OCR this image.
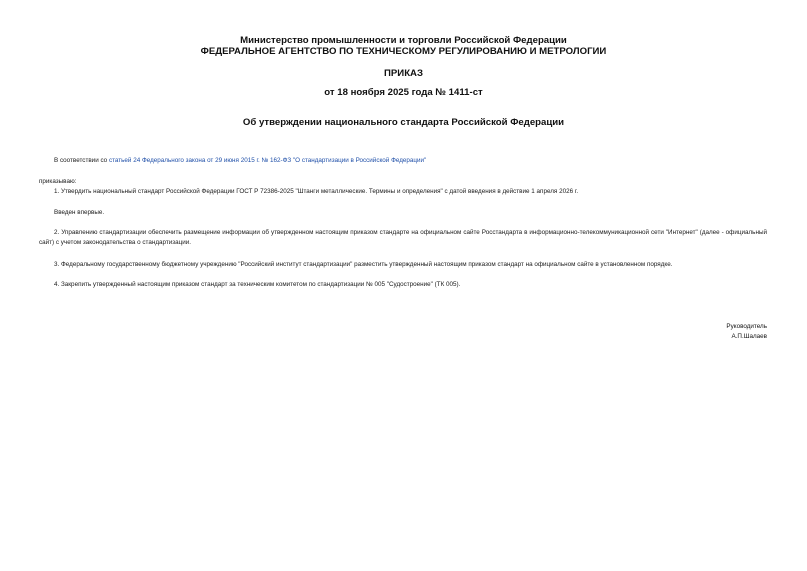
Министерство промышленности и торговли Российской Федерации
ФЕДЕРАЛЬНОЕ АГЕНТСТВО ПО ТЕХНИЧЕСКОМУ РЕГУЛИРОВАНИЮ И МЕТРОЛОГИИ
ПРИКАЗ
от 18 ноября 2025 года № 1411-ст
Об утверждении национального стандарта Российской Федерации
В соответствии со статьей 24 Федерального закона от 29 июня 2015 г. № 162-ФЗ "О стандартизации в Российской Федерации"
приказываю:
1. Утвердить национальный стандарт Российской Федерации ГОСТ Р 72386-2025 "Штанги металлические. Термины и определения" с датой введения в действие 1 апреля 2026 г.
Введен впервые.
2. Управлению стандартизации обеспечить размещение информации об утвержденном настоящим приказом стандарте на официальном сайте Росстандарта в информационно-телекоммуникационной сети "Интернет" (далее - официальный сайт) с учетом законодательства о стандартизации.
3. Федеральному государственному бюджетному учреждению "Российский институт стандартизации" разместить утвержденный настоящим приказом стандарт на официальном сайте в установленном порядке.
4. Закрепить утвержденный настоящим приказом стандарт за техническим комитетом по стандартизации № 005 "Судостроение" (ТК 005).
Руководитель
А.П.Шалаев
